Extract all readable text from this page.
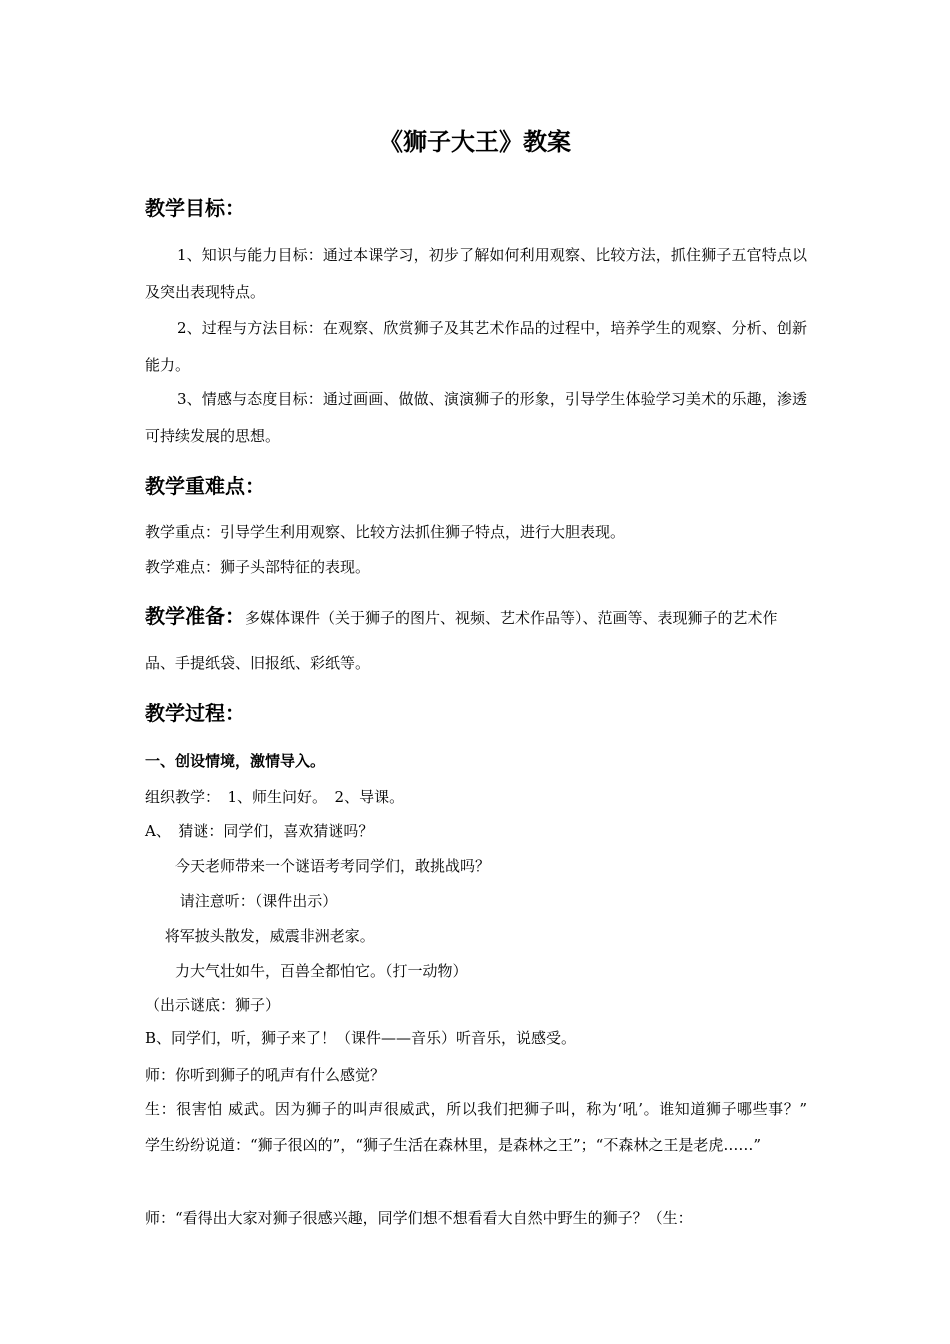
《狮子大王》教案
教学目标：
1、知识与能力目标：通过本课学习，初步了解如何利用观察、比较方法，抓住狮子五官特点以及突出表现特点。
2、过程与方法目标：在观察、欣赏狮子及其艺术作品的过程中，培养学生的观察、分析、创新能力。
3、情感与态度目标：通过画画、做做、演演狮子的形象，引导学生体验学习美术的乐趣，渗透可持续发展的思想。
教学重难点：
教学重点：引导学生利用观察、比较方法抓住狮子特点，进行大胆表现。
教学难点：狮子头部特征的表现。
教学准备：多媒体课件（关于狮子的图片、视频、艺术作品等）、范画等、表现狮子的艺术作品、手提纸袋、旧报纸、彩纸等。
教学过程：
一、创设情境，激情导入。
组织教学：　1、师生问好。　2、导课。
A、　猜谜：同学们，喜欢猜谜吗？
　　今天老师带来一个谜语考考同学们，敢挑战吗？
　　 请注意听：（课件出示）
　 将军披头散发，威震非洲老家。
　　力大气壮如牛，百兽全都怕它。（打一动物）
（出示谜底：狮子）
B、同学们，听，狮子来了！（课件——音乐）听音乐，说感受。
师：你听到狮子的吼声有什么感觉？
生：很害怕 威武。因为狮子的叫声很威武，所以我们把狮子叫，称为‘吼’。谁知道狮子哪些事？”　学生纷纷说道：“狮子很凶的”，“狮子生活在森林里，是森林之王”；“不森林之王是老虎……”
师：“看得出大家对狮子很感兴趣，同学们想不想看看大自然中野生的狮子？（生：
